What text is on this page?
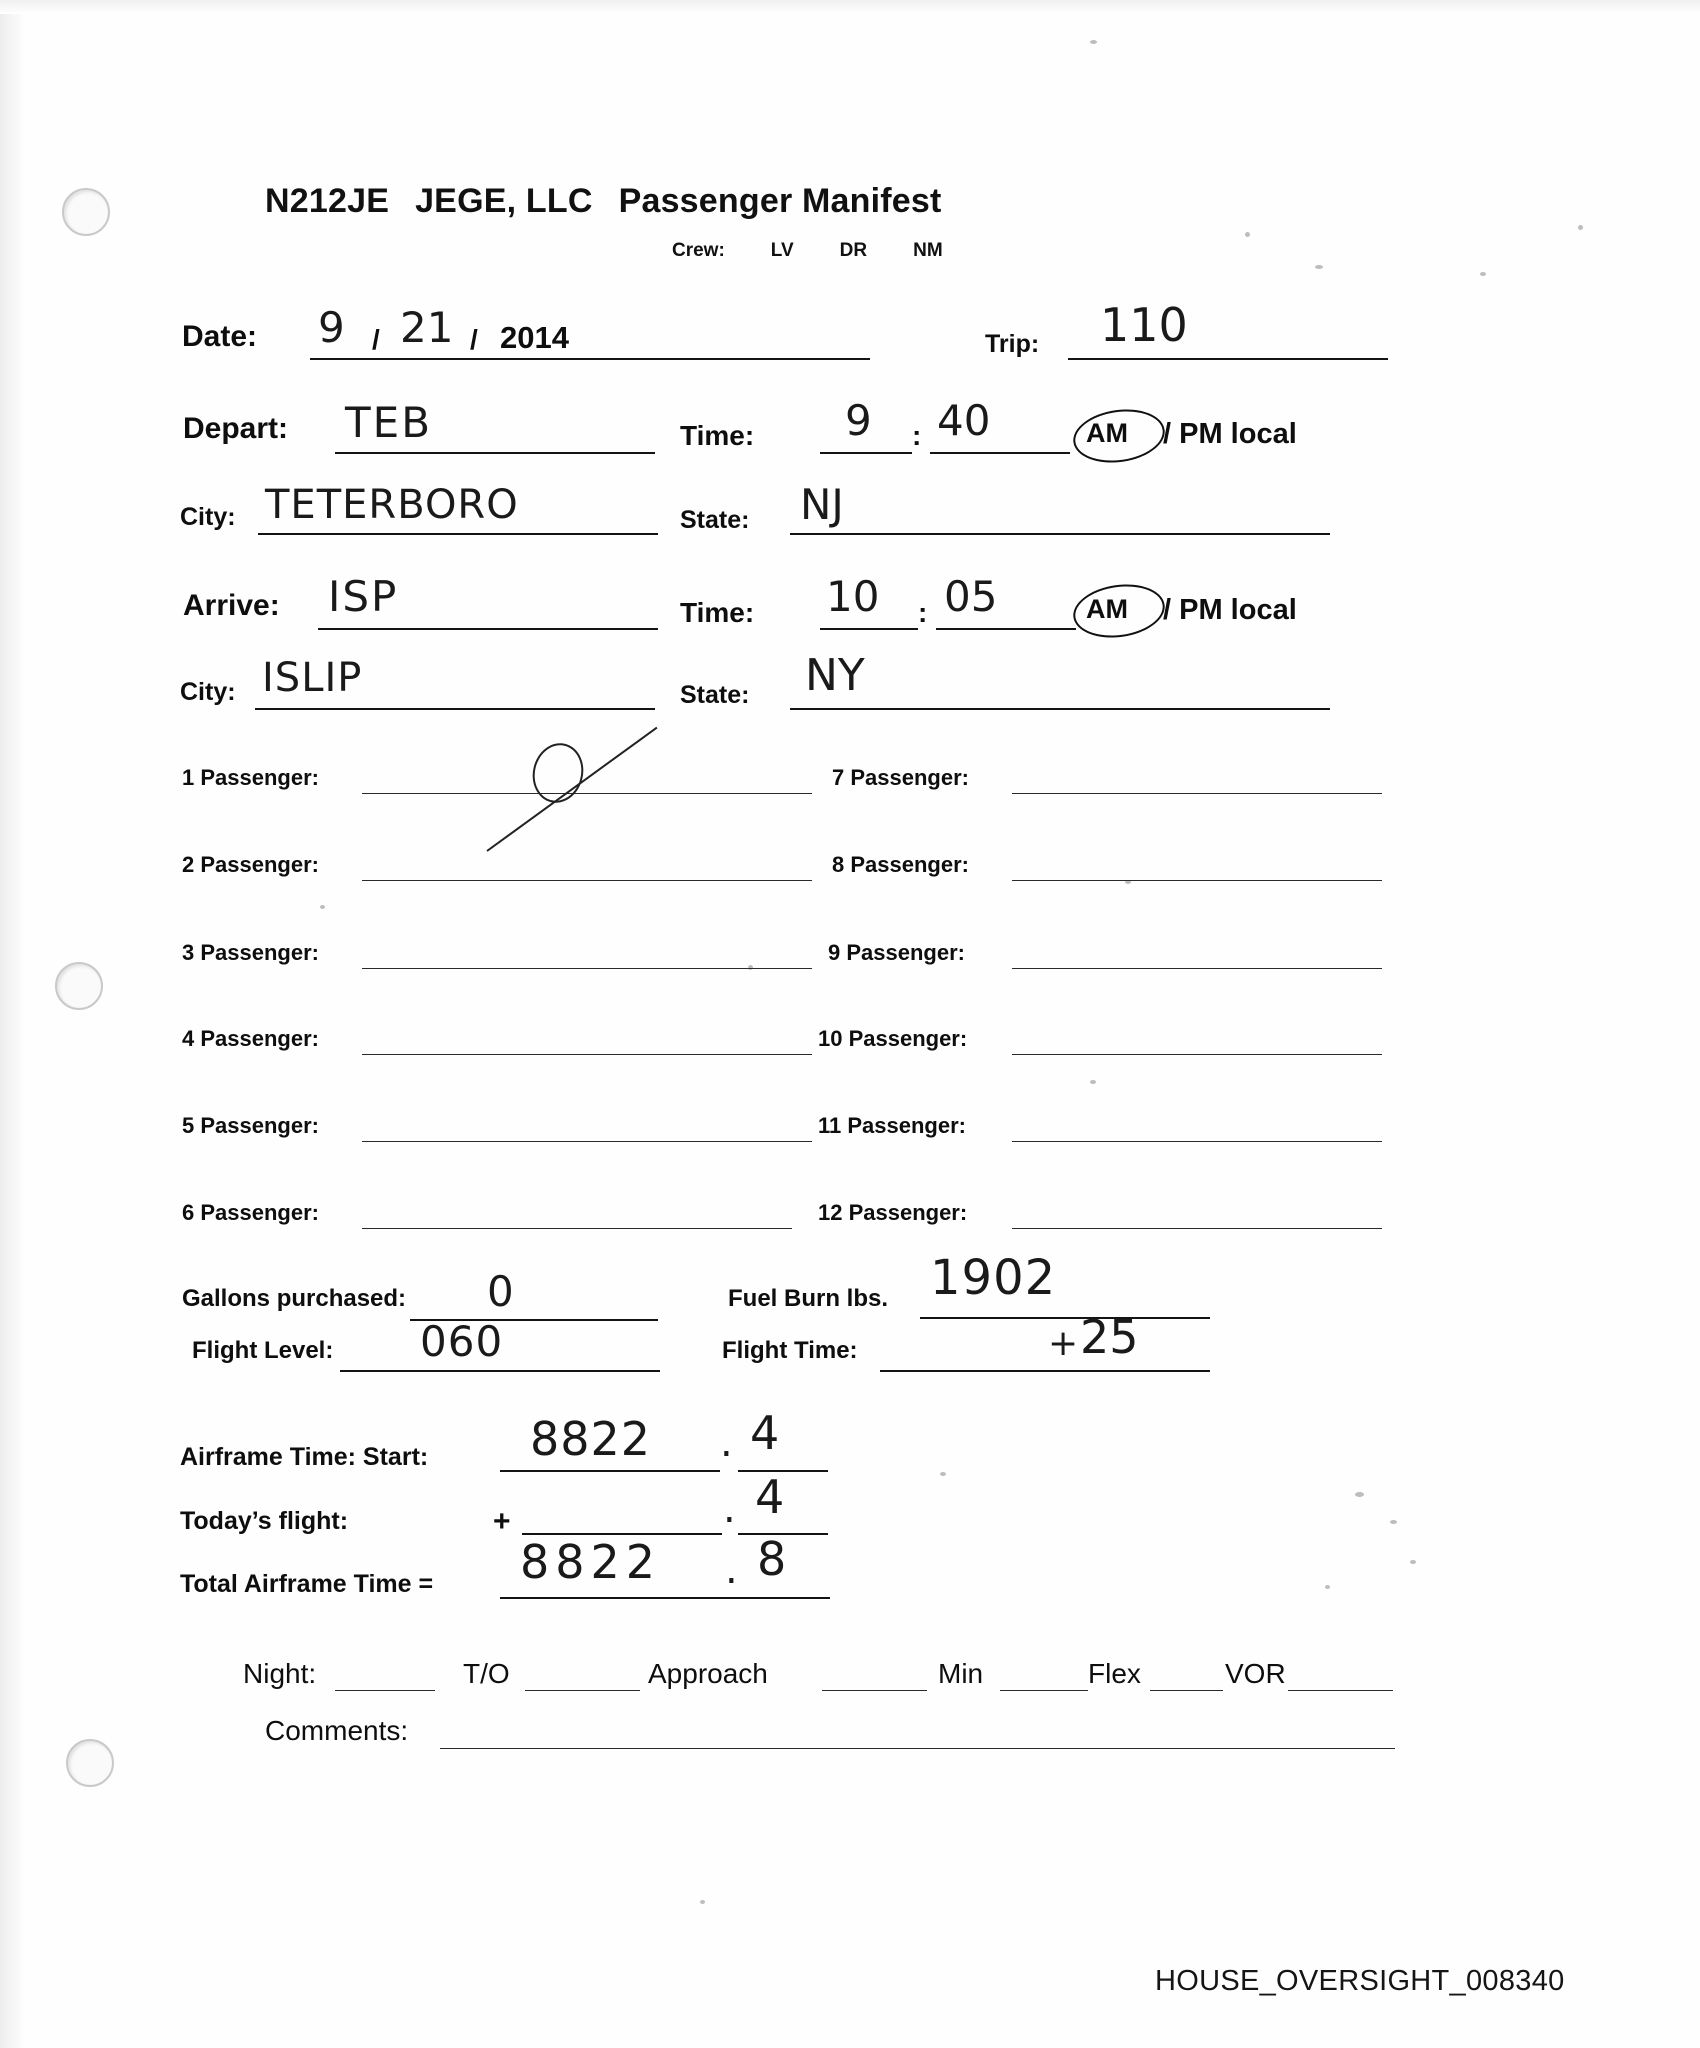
N212JE JEGE, LLC Passenger Manifest
Crew: LV DR NM
Date: 9 / 21 / 2014	Trip: 110
Depart: TEB	Time: 9 : 40	AM / PM local
City: TETERBORO	State: NJ
Arrive: ISP	Time: 10 : 05	AM / PM local
City: ISLIP	State: NY
1 Passenger:	7 Passenger:
2 Passenger:	8 Passenger:
3 Passenger:	9 Passenger:
4 Passenger:	10 Passenger:
5 Passenger:	11 Passenger:
6 Passenger:	12 Passenger:
Gallons purchased: 0	Fuel Burn lbs. 1902
Flight Level: 060	Flight Time:	+ 25
Airframe Time: Start: 8822 . 4
Today’s flight:	+	. 4
Total Airframe Time = 8822 . 8
Night:	T/O	Approach	Min	Flex	VOR
Comments:
HOUSE_OVERSIGHT_008340
